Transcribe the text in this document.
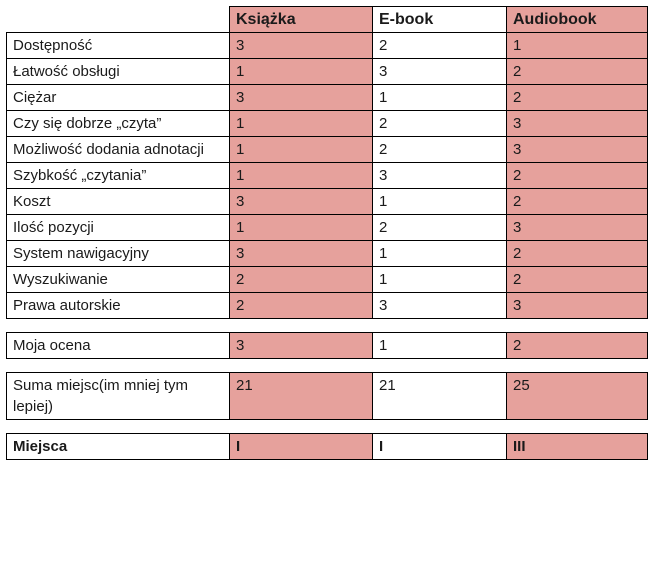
	Książka	E-book	Audiobook
Dostępność	3	2	1
Łatwość obsługi	1	3	2
Ciężar	3	1	2
Czy się dobrze „czyta”	1	2	3
Możliwość dodania adnotacji	1	2	3
Szybkość „czytania”	1	3	2
Koszt	3	1	2
Ilość pozycji	1	2	3
System nawigacyjny	3	1	2
Wyszukiwanie	2	1	2
Prawa autorskie	2	3	3

Moja ocena	3	1	2

Suma miejsc(im mniej tym lepiej)	21	21	25

Miejsca	I	I	III
